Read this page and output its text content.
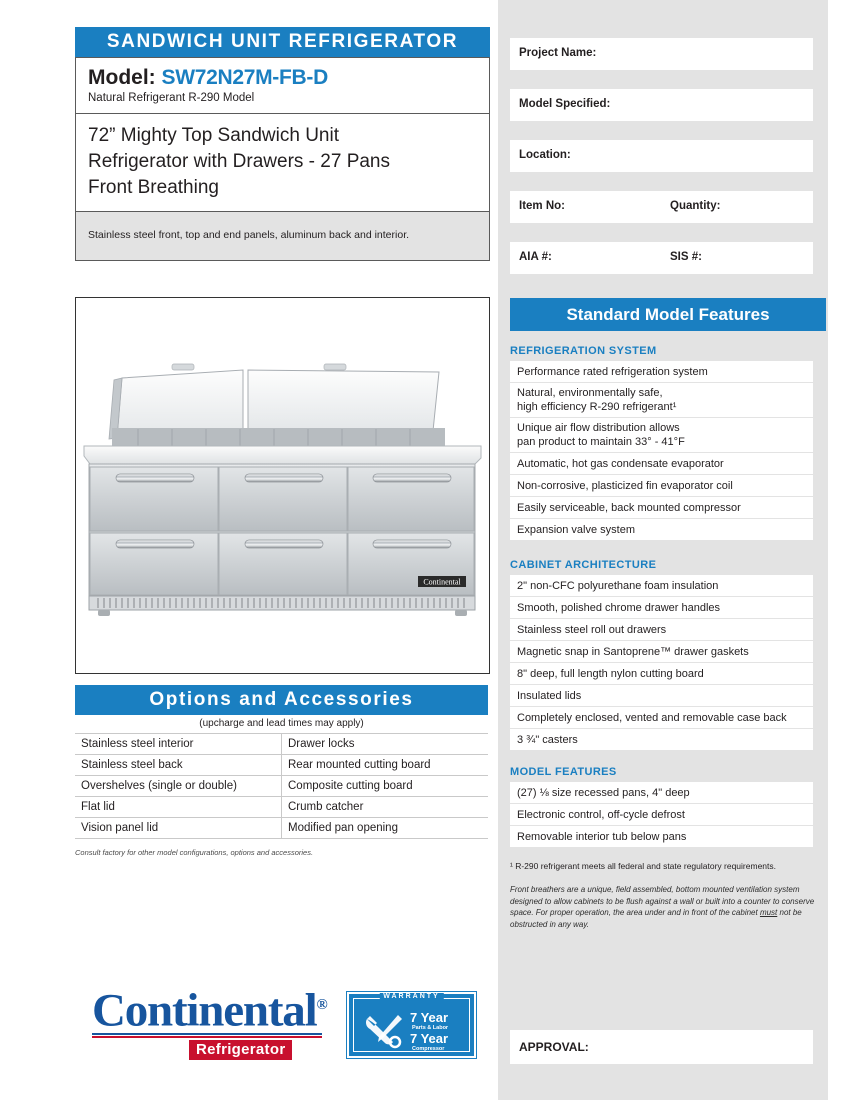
SANDWICH UNIT REFRIGERATOR
Model: SW72N27M-FB-D
Natural Refrigerant R-290 Model
72” Mighty Top Sandwich Unit
Refrigerator with Drawers - 27 Pans
Front Breathing
Stainless steel front, top and end panels, aluminum back and interior.
Continental
Options and Accessories
(upcharge and lead times may apply)
Stainless steel interior	Drawer locks
Stainless steel back	Rear mounted cutting board
Overshelves (single or double)	Composite cutting board
Flat lid	Crumb catcher
Vision panel lid	Modified pan opening
Consult factory for other model configurations, options and accessories.
Continental®
Refrigerator
WARRANTY
7 Year
Parts & Labor
7 Year
Compressor
Project Name:
Model Specified:
Location:
Item No:	Quantity:
AIA #:	SIS #:
Standard Model Features
REFRIGERATION SYSTEM
Performance rated refrigeration system
Natural, environmentally safe,
high efficiency R-290 refrigerant¹
Unique air flow distribution allows
pan product to maintain 33° - 41°F
Automatic, hot gas condensate evaporator
Non-corrosive, plasticized fin evaporator coil
Easily serviceable, back mounted compressor
Expansion valve system
CABINET ARCHITECTURE
2" non-CFC polyurethane foam insulation
Smooth, polished chrome drawer handles
Stainless steel roll out drawers
Magnetic snap in Santoprene™ drawer gaskets
8" deep, full length nylon cutting board
Insulated lids
Completely enclosed, vented and removable case back
3 ¾" casters
MODEL FEATURES
(27) ⅛ size recessed pans, 4" deep
Electronic control, off-cycle defrost
Removable interior tub below pans
¹ R-290 refrigerant meets all federal and state regulatory requirements.
Front breathers are a unique, field assembled, bottom mounted ventilation system designed to allow cabinets to be flush against a wall or built into a counter to conserve space. For proper operation, the area under and in front of the cabinet must not be obstructed in any way.
APPROVAL:
